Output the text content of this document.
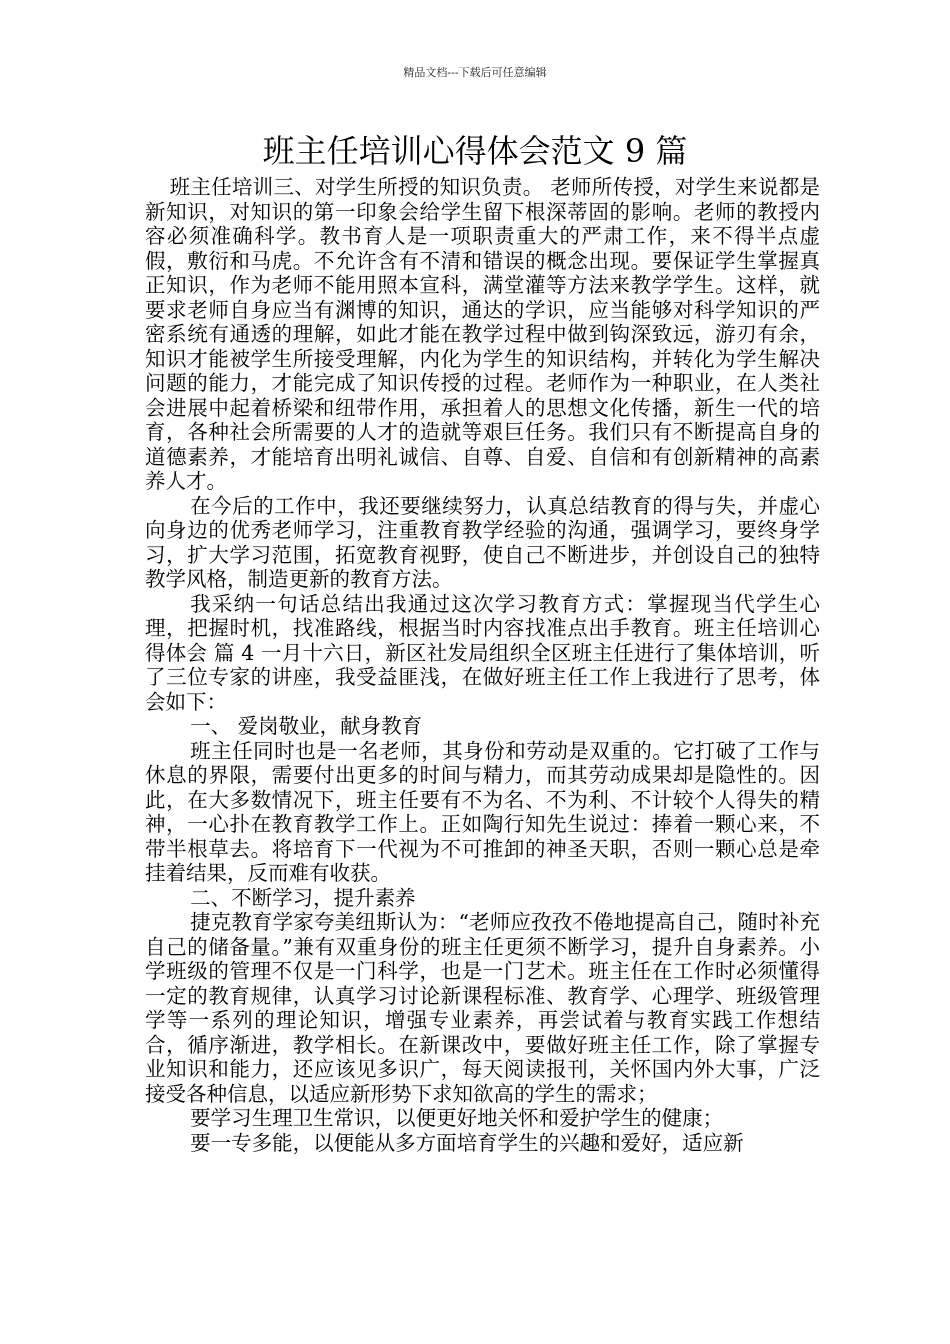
精品文档---下载后可任意编辑
班主任培训心得体会范文 9 篇

班主任培训三、对学生所授的知识负责。 老师所传授，对学生来说都是新知识，对知识的第一印象会给学生留下根深蒂固的影响。老师的教授内容必须准确科学。教书育人是一项职责重大的严肃工作，来不得半点虚假，敷衍和马虎。不允许含有不清和错误的概念出现。要保证学生掌握真正知识，作为老师不能用照本宣科，满堂灌等方法来教学学生。这样，就要求老师自身应当有渊博的知识，通达的学识，应当能够对科学知识的严密系统有通透的理解，如此才能在教学过程中做到钩深致远，游刃有余，知识才能被学生所接受理解，内化为学生的知识结构，并转化为学生解决问题的能力，才能完成了知识传授的过程。老师作为一种职业，在人类社会进展中起着桥梁和纽带作用，承担着人的思想文化传播，新生一代的培育，各种社会所需要的人才的造就等艰巨任务。我们只有不断提高自身的道德素养，才能培育出明礼诚信、自尊、自爱、自信和有创新精神的高素养人才。

在今后的工作中，我还要继续努力，认真总结教育的得与失，并虚心向身边的优秀老师学习，注重教育教学经验的沟通，强调学习，要终身学习，扩大学习范围，拓宽教育视野，使自己不断进步，并创设自己的独特教学风格，制造更新的教育方法。

我采纳一句话总结出我通过这次学习教育方式：掌握现当代学生心理，把握时机，找准路线，根据当时内容找准点出手教育。班主任培训心得体会 篇 4 一月十六日，新区社发局组织全区班主任进行了集体培训，听了三位专家的讲座，我受益匪浅，在做好班主任工作上我进行了思考，体会如下：

一、 爱岗敬业，献身教育

班主任同时也是一名老师，其身份和劳动是双重的。它打破了工作与休息的界限，需要付出更多的时间与精力，而其劳动成果却是隐性的。因此，在大多数情况下，班主任要有不为名、不为利、不计较个人得失的精神，一心扑在教育教学工作上。正如陶行知先生说过：捧着一颗心来，不带半根草去。将培育下一代视为不可推卸的神圣天职，否则一颗心总是牵挂着结果，反而难有收获。

二、不断学习，提升素养

捷克教育学家夸美纽斯认为：“老师应孜孜不倦地提高自己，随时补充自己的储备量。”兼有双重身份的班主任更须不断学习，提升自身素养。小学班级的管理不仅是一门科学，也是一门艺术。班主任在工作时必须懂得一定的教育规律，认真学习讨论新课程标准、教育学、心理学、班级管理学等一系列的理论知识，增强专业素养，再尝试着与教育实践工作想结合，循序渐进，教学相长。在新课改中，要做好班主任工作，除了掌握专业知识和能力，还应该见多识广，每天阅读报刊，关怀国内外大事，广泛接受各种信息，以适应新形势下求知欲高的学生的需求；

要学习生理卫生常识，以便更好地关怀和爱护学生的健康；

要一专多能，以便能从多方面培育学生的兴趣和爱好，适应新
